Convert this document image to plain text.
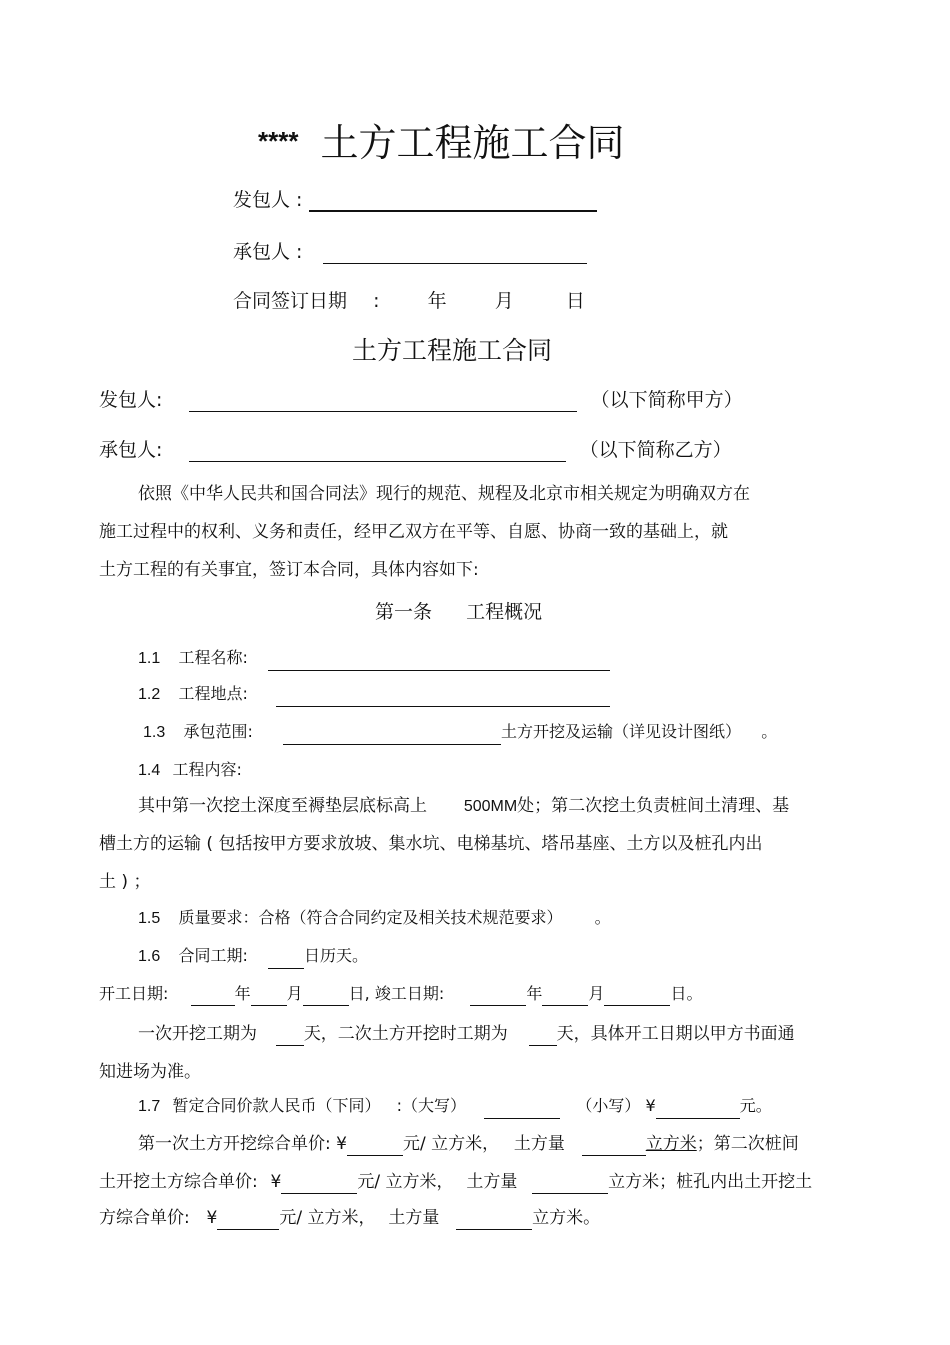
**** 土方工程施工合同
发包人 :
承包人 :
合同签订日期 :	年	月	日
土方工程施工合同
发包人:	（以下简称甲方）
承包人:	（以下简称乙方）
依照《中华人民共和国合同法》现行的规范、规程及北京市相关规定为明确双方在
施工过程中的权利、义务和责任，经甲乙双方在平等、自愿、协商一致的基础上，就
土方工程的有关事宜，签订本合同，具体内容如下:
第一条 工程概况
1.1 工程名称:
1.2 工程地点:
1.3 承包范围:	土方开挖及运输（详见设计图纸） 。
1.4 工程内容:
其中第一次挖土深度至褥垫层底标高上 500MM处；第二次挖土负责桩间土清理、基
槽土方的运输 ( 包括按甲方要求放坡、集水坑、电梯基坑、塔吊基座、土方以及桩孔内出
土 ) ；
1.5 质量要求：合格（符合合同约定及相关技术规范要求） 。
1.6 合同工期:	日历天。
开工日期:	年 月	日, 竣工日期:	年	月	日。
一次开挖工期为	天，二次土方开挖时工期为	天，具体开工日期以甲方书面通
知进场为准。
1.7 暂定合同价款人民币（下同） :（大写）	（小写） ¥	元。
第一次土方开挖综合单价: ¥	元/ 立方米， 土方量	立方米；第二次桩间
土开挖土方综合单价: ¥	元/ 立方米， 土方量	立方米；桩孔内出土开挖土
方综合单价: ¥	元/ 立方米， 土方量	立方米。
